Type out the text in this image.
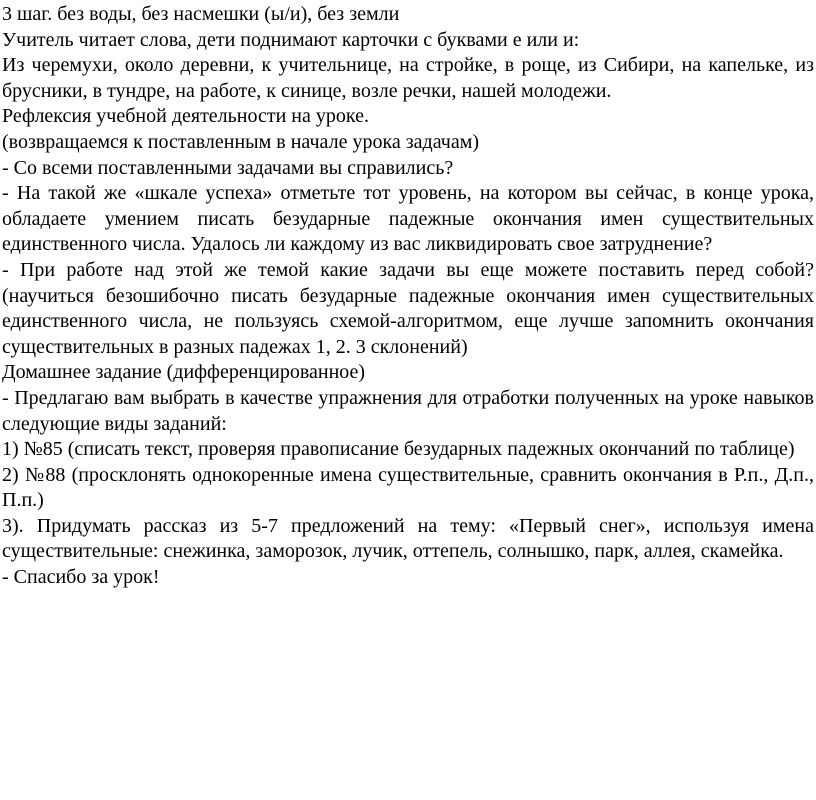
3 шаг. без воды, без насмешки (ы/и), без земли

Учитель читает слова, дети поднимают карточки с буквами е или и:

Из черемухи, около деревни, к учительнице, на стройке, в роще, из Сибири, на капельке, из брусники, в тундре, на работе, к синице, возле речки, нашей молодежи.

Рефлексия учебной деятельности на уроке.

(возвращаемся к поставленным в начале урока задачам)

- Со всеми поставленными задачами вы справились?

- На такой же «шкале успеха» отметьте тот уровень, на котором вы сейчас, в конце урока, обладаете умением писать безударные падежные окончания имен существительных единственного числа. Удалось ли каждому из вас ликвидировать свое затруднение?

- При работе над этой же темой какие задачи вы еще можете поставить перед собой? (научиться безошибочно писать безударные падежные окончания имен существительных единственного числа, не пользуясь схемой-алгоритмом, еще лучше запомнить окончания существительных в разных падежах 1, 2. 3 склонений)

Домашнее задание (дифференцированное)

- Предлагаю вам выбрать в качестве упражнения для отработки полученных на уроке навыков следующие виды заданий:

1) №85 (списать текст, проверяя правописание безударных падежных окончаний по таблице)

2) №88 (просклонять однокоренные имена существительные, сравнить окончания в Р.п., Д.п., П.п.)

3). Придумать рассказ из 5-7 предложений на тему: «Первый снег», используя имена существительные: снежинка, заморозок, лучик, оттепель, солнышко, парк, аллея, скамейка.

- Спасибо за урок!
